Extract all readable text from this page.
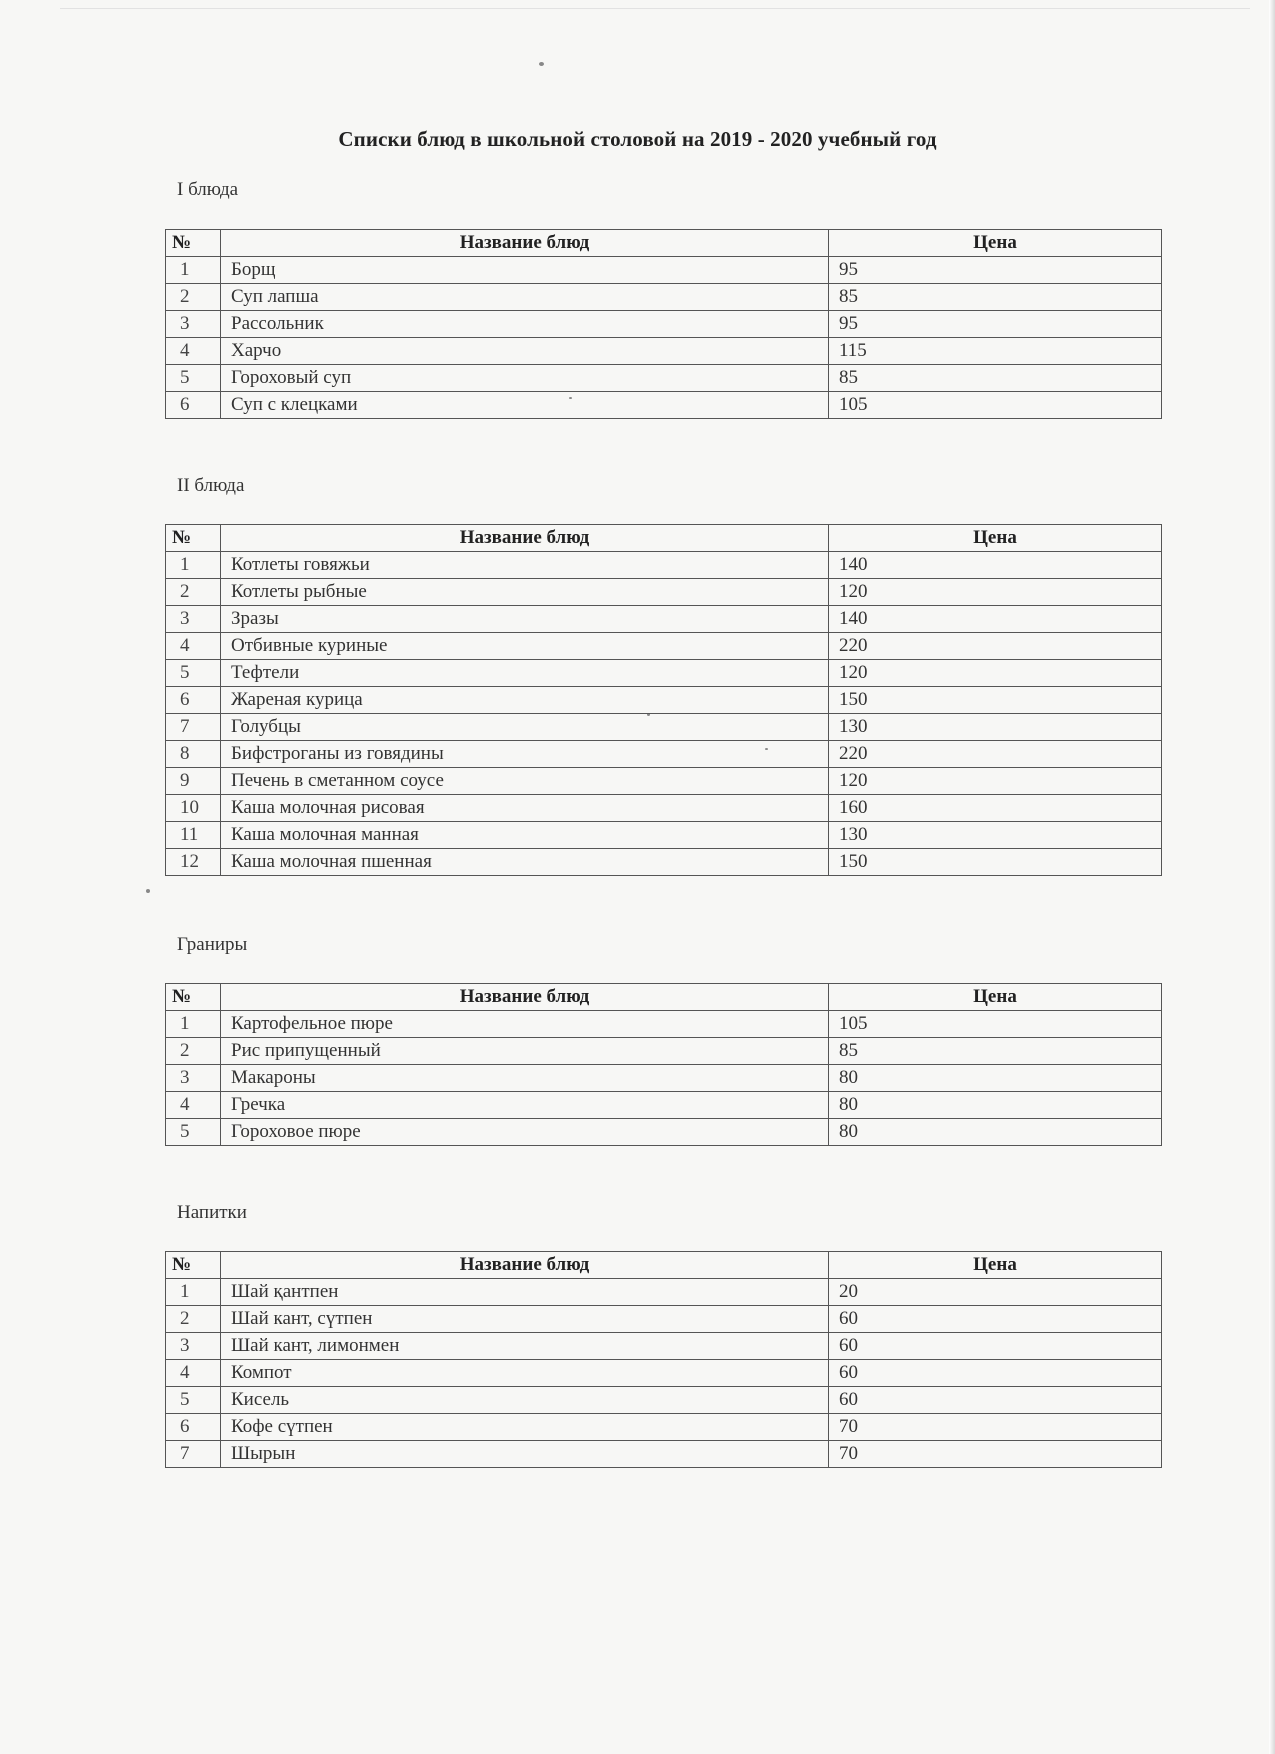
Списки блюд в школьной столовой на 2019 - 2020 учебный год
I блюда
№	Название блюд	Цена
1	Борщ	95
2	Суп лапша	85
3	Рассольник	95
4	Харчо	115
5	Гороховый суп	85
6	Суп с клецками	105
II блюда
№	Название блюд	Цена
1	Котлеты говяжьи	140
2	Котлеты рыбные	120
3	Зразы	140
4	Отбивные куриные	220
5	Тефтели	120
6	Жареная курица	150
7	Голубцы	130
8	Бифстроганы из говядины	220
9	Печень в сметанном соусе	120
10	Каша молочная рисовая	160
11	Каша молочная манная	130
12	Каша молочная пшенная	150
Граниры
№	Название блюд	Цена
1	Картофельное пюре	105
2	Рис припущенный	85
3	Макароны	80
4	Гречка	80
5	Гороховое пюре	80
Напитки
№	Название блюд	Цена
1	Шай қантпен	20
2	Шай кант, сүтпен	60
3	Шай кант, лимонмен	60
4	Компот	60
5	Кисель	60
6	Кофе сүтпен	70
7	Шырын	70
